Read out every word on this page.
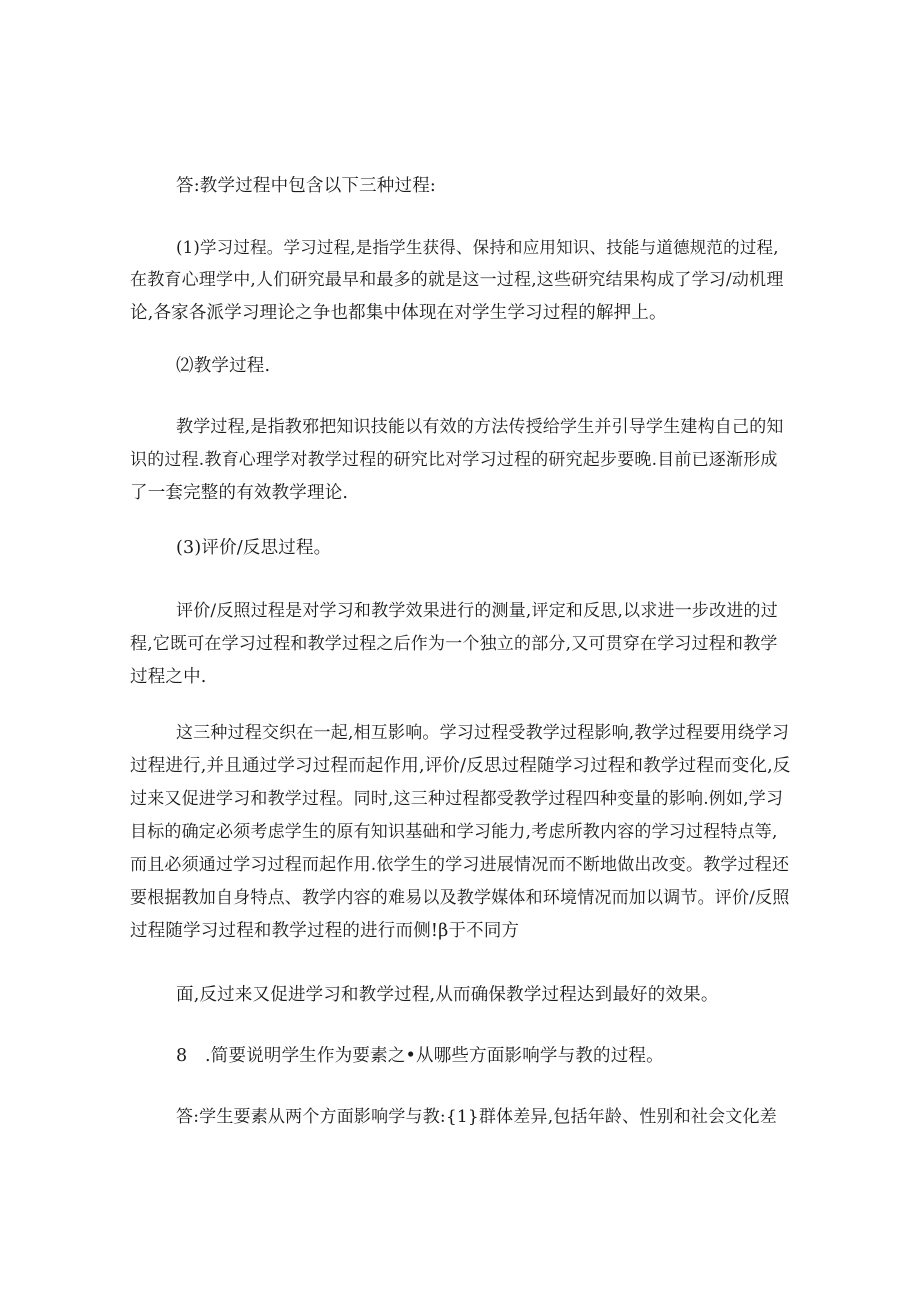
答:教学过程中包含以下三种过程:

(1)学习过程。学习过程,是指学生获得、保持和应用知识、技能与道德规范的过程,
在教育心理学中,人们研究最早和最多的就是这一过程,这些研究结果构成了学习/动机理
论,各家各派学习理论之争也都集中体现在对学生学习过程的解押上。

⑵教学过程.

教学过程,是指教邪把知识技能以有效的方法传授给学生并引导学生建构自己的知
识的过程.教育心理学对教学过程的研究比对学习过程的研究起步要晚.目前已逐渐形成
了一套完整的有效教学理论.

(3)评价/反思过程。

评价/反照过程是对学习和教学效果进行的测量,评定和反思,以求进一步改进的过
程,它既可在学习过程和教学过程之后作为一个独立的部分,又可贯穿在学习过程和教学
过程之中.

这三种过程交织在一起,相互影响。学习过程受教学过程影响,教学过程要用绕学习
过程进行,并且通过学习过程而起作用,评价/反思过程随学习过程和教学过程而变化,反
过来又促进学习和教学过程。同时,这三种过程都受教学过程四种变量的影响.例如,学习
目标的确定必须考虑学生的原有知识基础和学习能力,考虑所教内容的学习过程特点等,
而且必须通过学习过程而起作用.依学生的学习进展情况而不断地做出改变。教学过程还
要根据教加自身特点、教学内容的难易以及教学媒体和环境情况而加以调节。评价/反照
过程随学习过程和教学过程的进行而侧!β于不同方

面,反过来又促进学习和教学过程,从而确保教学过程达到最好的效果。

8 .简要说明学生作为要素之•从哪些方面影响学与教的过程。

答:学生要素从两个方面影响学与教:{1}群体差异,包括年龄、性别和社会文化差
